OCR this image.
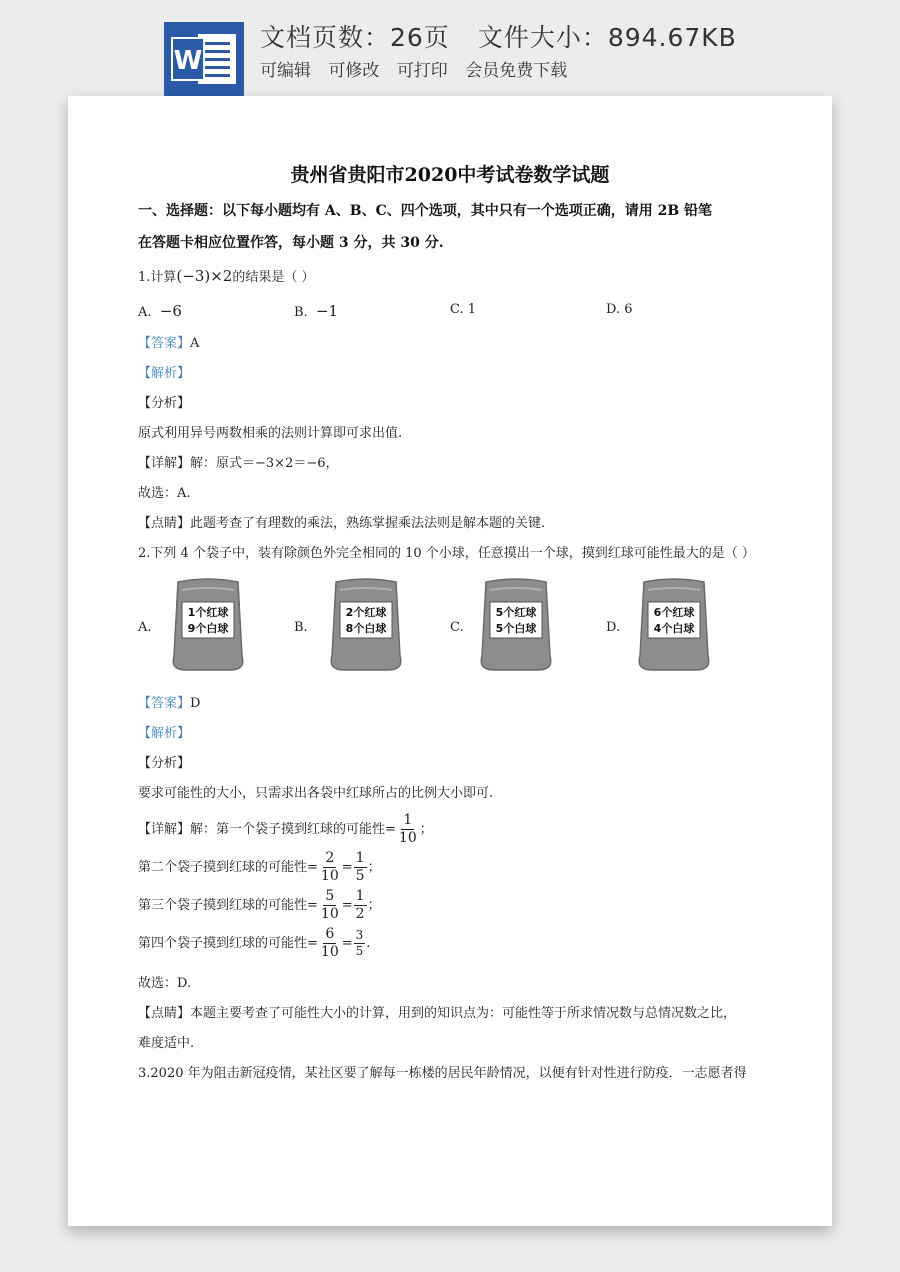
W
文档页数：26页 文件大小：894.67KB
可编辑 可修改 可打印 会员免费下载
贵州省贵阳市2020中考试卷数学试题
一、选择题：以下每小题均有 A、B、C、四个选项，其中只有一个选项正确，请用 2B 铅笔
在答题卡相应位置作答，每小题 3 分，共 30 分.
1.计算(−3)×2的结果是（ ）
A. −6	B. −1	C. 1	D. 6
【答案】A
【解析】
【分析】
原式利用异号两数相乘的法则计算即可求出值.
【详解】解：原式＝−3×2＝−6，
故选：A.
【点睛】此题考查了有理数的乘法，熟练掌握乘法法则是解本题的关键.
2.下列 4 个袋子中，装有除颜色外完全相同的 10 个小球，任意摸出一个球，摸到红球可能性最大的是（ ）
A.	B.	C.	D.
1个红球
9个白球
2个红球
8个白球
5个红球
5个白球
6个红球
4个白球
【答案】D
【解析】
【分析】
要求可能性的大小，只需求出各袋中红球所占的比例大小即可.
【详解】解：第一个袋子摸到红球的可能性= $\frac{1}{10}$ ；
第二个袋子摸到红球的可能性= $\frac{2}{10} = \frac{1}{5}$ ；
第三个袋子摸到红球的可能性= $\frac{5}{10} = \frac{1}{2}$ ；
第四个袋子摸到红球的可能性= $\frac{6}{10} = \frac{3}{5}$ .
故选：D.
【点睛】本题主要考查了可能性大小的计算，用到的知识点为：可能性等于所求情况数与总情况数之比，
难度适中.
3.2020 年为阻击新冠疫情，某社区要了解每一栋楼的居民年龄情况，以便有针对性进行防疫．一志愿者得
